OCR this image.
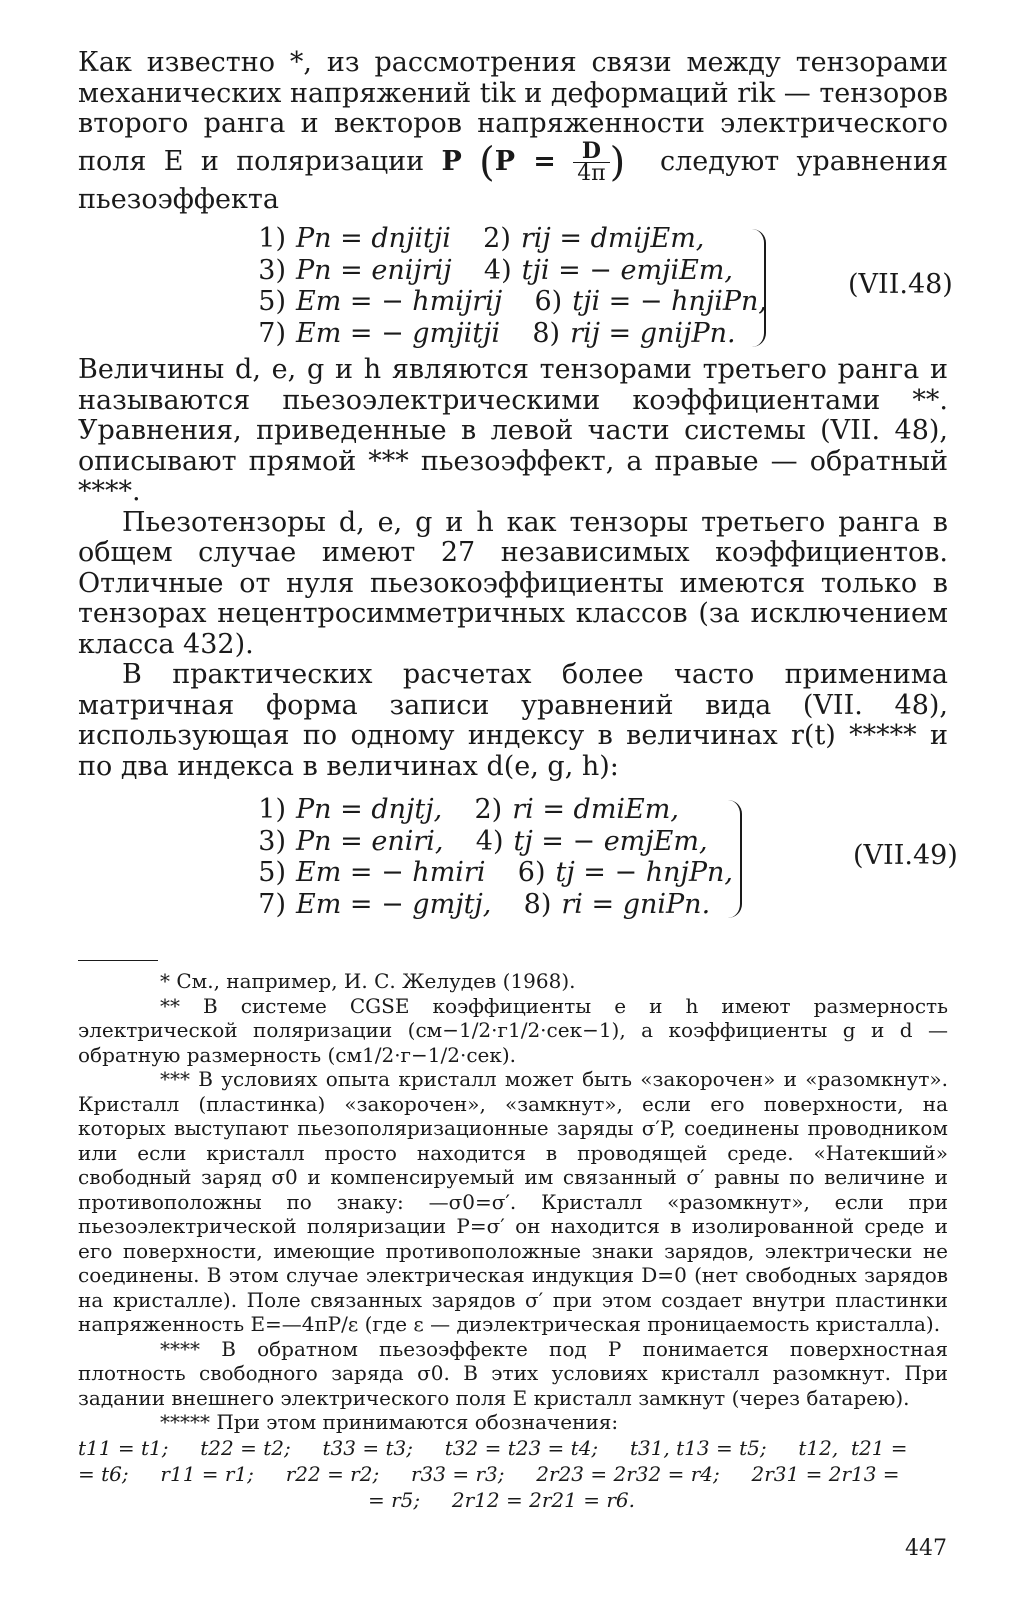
Как известно *, из рассмотрения связи между тензорами механических напряжений tik и деформаций rik — тензоров второго ранга и векторов напряженности электрического поля E и поляризации P ($P = \frac{D}{4\pi}$ ) следуют уравнения пьезоэффекта

1) Pn = dnjitji 2) rij = dmijEm,
3) Pn = enijrij 4) tji = − emjiEm,
5) Em = − hmijrij 6) tji = − hnjiPn,
7) Em = − gmjitji 8) rij = gnijPn.
(VII.48)

Величины d, e, g и h являются тензорами третьего ранга и называются пьезоэлектрическими коэффициентами **. Уравнения, приведенные в левой части системы (VII. 48), описывают прямой *** пьезоэффект, а правые — обратный ****.

Пьезотензоры d, e, g и h как тензоры третьего ранга в общем случае имеют 27 независимых коэффициентов. Отличные от нуля пьезокоэффициенты имеются только в тензорах нецентросимметричных классов (за исключением класса 432).

В практических расчетах более часто применима матричная форма записи уравнений вида (VII. 48), использующая по одному индексу в величинах r(t) ***** и по два индекса в величинах d(e, g, h):

1) Pn = dnjtj, 2) ri = dmiEm,
3) Pn = eniri, 4) tj = − emjEm,
5) Em = − hmiri 6) tj = − hnjPn,
7) Em = − gmjtj, 8) ri = gniPn.
(VII.49)

* См., например, И. С. Желудев (1968).

** В системе CGSE коэффициенты e и h имеют размерность электрической поляризации (см−1/2·г1/2·сек−1), а коэффициенты g и d — обратную размерность (см1/2·г−1/2·сек).

*** В условиях опыта кристалл может быть «закорочен» и «разомкнут». Кристалл (пластинка) «закорочен», «замкнут», если его поверхности, на которых выступают пьезополяризационные заряды σ′P, соединены проводником или если кристалл просто находится в проводящей среде. «Натекший» свободный заряд σ0 и компенсируемый им связанный σ′ равны по величине и противоположны по знаку: —σ0=σ′. Кристалл «разомкнут», если при пьезоэлектрической поляризации P=σ′ он находится в изолированной среде и его поверхности, имеющие противоположные знаки зарядов, электрически не соединены. В этом случае электрическая индукция D=0 (нет свободных зарядов на кристалле). Поле связанных зарядов σ′ при этом создает внутри пластинки напряженность E=—4πP/ε (где ε — диэлектрическая проницаемость кристалла).

**** В обратном пьезоэффекте под P понимается поверхностная плотность свободного заряда σ0. В этих условиях кристалл разомкнут. При задании внешнего электрического поля E кристалл замкнут (через батарею).

***** При этом принимаются обозначения:

t11 = t1;     t22 = t2;     t33 = t3;     t32 = t23 = t4;     t31, t13 = t5;     t12,  t21 =
= t6;     r11 = r1;     r22 = r2;     r33 = r3;     2r23 = 2r32 = r4;     2r31 = 2r13 =
= r5;     2r12 = 2r21 = r6.
447
